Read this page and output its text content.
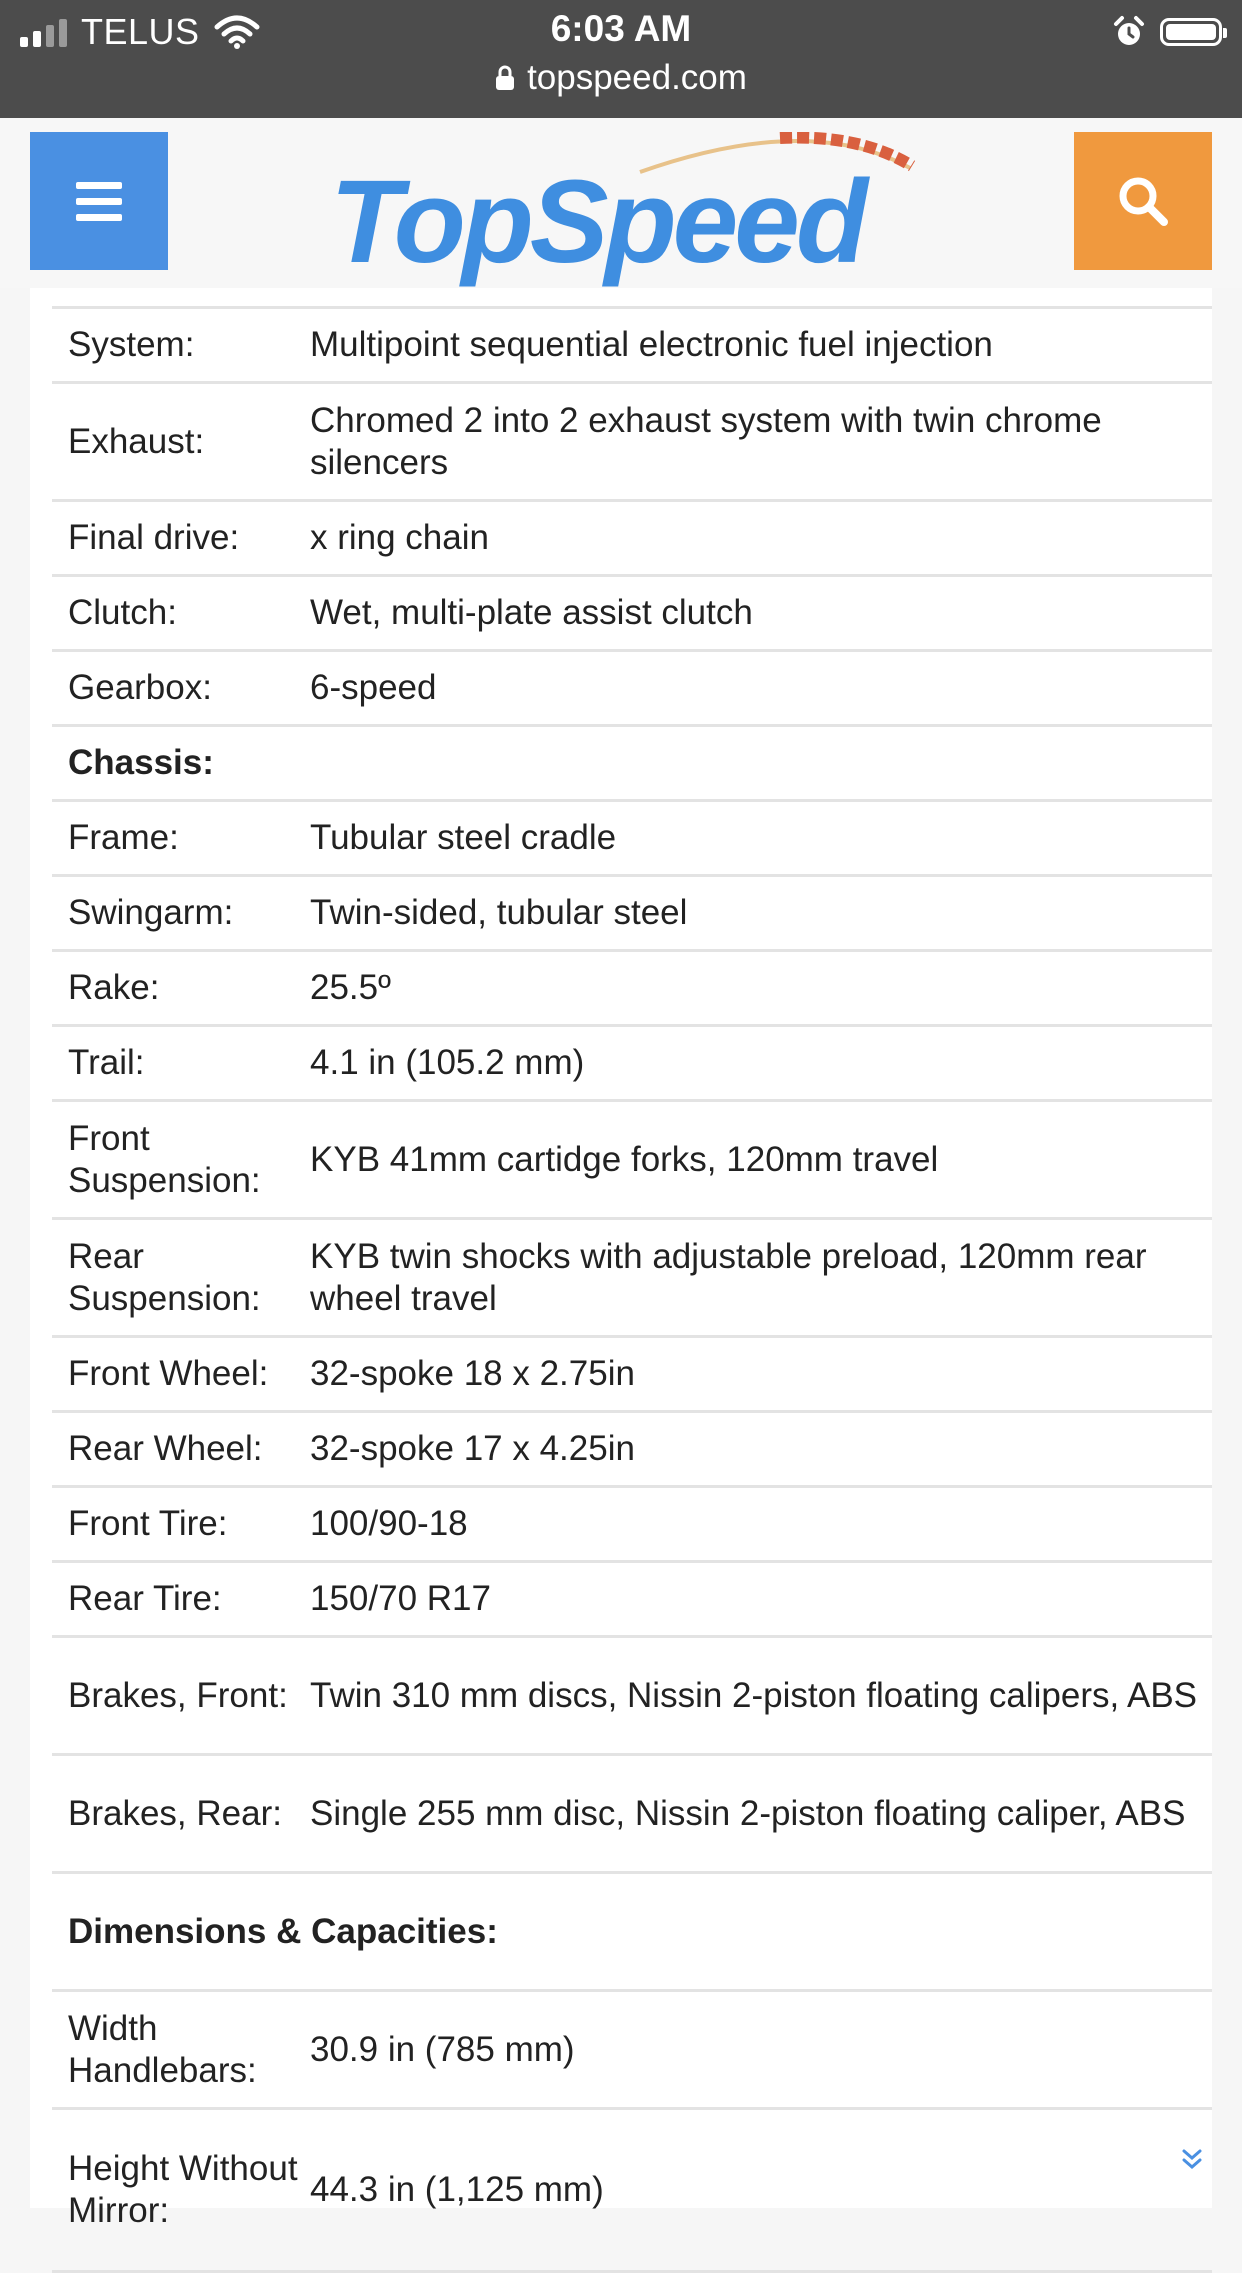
TELUS	6:03 AM
topspeed.com
TopSpeed
System:	Multipoint sequential electronic fuel injection
Exhaust:
Chromed 2 into 2 exhaust system with twin chrome silencers
Final drive:	x ring chain
Clutch:	Wet, multi-plate assist clutch
Gearbox:	6-speed
Chassis:
Frame:	Tubular steel cradle
Swingarm:	Twin-sided, tubular steel
Rake:	25.5º
Trail:	4.1 in (105.2 mm)
Front Suspension:
KYB 41mm cartidge forks, 120mm travel
Rear Suspension:
KYB twin shocks with adjustable preload, 120mm rear wheel travel
Front Wheel:	32-spoke 18 x 2.75in
Rear Wheel:	32-spoke 17 x 4.25in
Front Tire:	100/90-18
Rear Tire:	150/70 R17
Brakes, Front: Twin 310 mm discs, Nissin 2-piston floating calipers, ABS
Brakes, Rear: Single 255 mm disc, Nissin 2-piston floating caliper, ABS
Dimensions & Capacities:
Width Handlebars:
30.9 in (785 mm)
Height Without Mirror:
44.3 in (1,125 mm)
